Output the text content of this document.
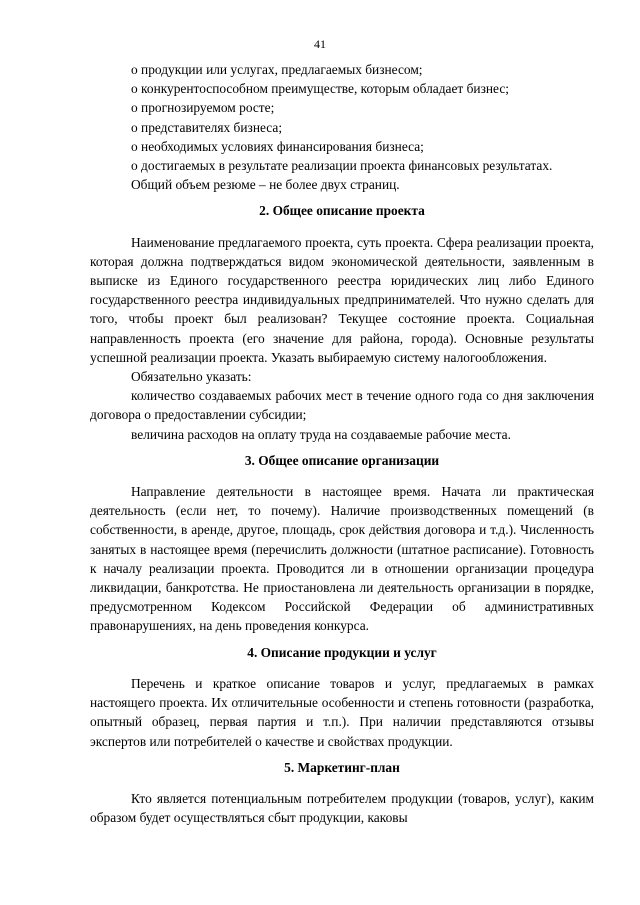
41

о продукции или услугах, предлагаемых бизнесом;

о конкурентоспособном преимуществе, которым обладает бизнес;

о прогнозируемом росте;

о представителях бизнеса;

о необходимых условиях финансирования бизнеса;

о достигаемых в результате реализации проекта финансовых результатах.

Общий объем резюме – не более двух страниц.

2. Общее описание проекта

Наименование предлагаемого проекта, суть проекта. Сфера реализации проекта, которая должна подтверждаться видом экономической деятельности, заявленным в выписке из Единого государственного реестра юридических лиц либо Единого государственного реестра индивидуальных предпринимателей. Что нужно сделать для того, чтобы проект был реализован? Текущее состояние проекта. Социальная направленность проекта (его значение для района, города). Основные результаты успешной реализации проекта. Указать выбираемую систему налогообложения.

Обязательно указать:

количество создаваемых рабочих мест в течение одного года со дня заключения договора о предоставлении субсидии;

величина расходов на оплату труда на создаваемые рабочие места.

3. Общее описание организации

Направление деятельности в настоящее время. Начата ли практическая деятельность (если нет, то почему). Наличие производственных помещений (в собственности, в аренде, другое, площадь, срок действия договора и т.д.). Численность занятых в настоящее время (перечислить должности (штатное расписание). Готовность к началу реализации проекта. Проводится ли в отношении организации процедура ликвидации, банкротства. Не приостановлена ли деятельность организации в порядке, предусмотренном Кодексом Российской Федерации об административных правонарушениях, на день проведения конкурса.

4. Описание продукции и услуг

Перечень и краткое описание товаров и услуг, предлагаемых в рамках настоящего проекта. Их отличительные особенности и степень готовности (разработка, опытный образец, первая партия и т.п.). При наличии представляются отзывы экспертов или потребителей о качестве и свойствах продукции.

5. Маркетинг-план

Кто является потенциальным потребителем продукции (товаров, услуг), каким образом будет осуществляться сбыт продукции, каковы
